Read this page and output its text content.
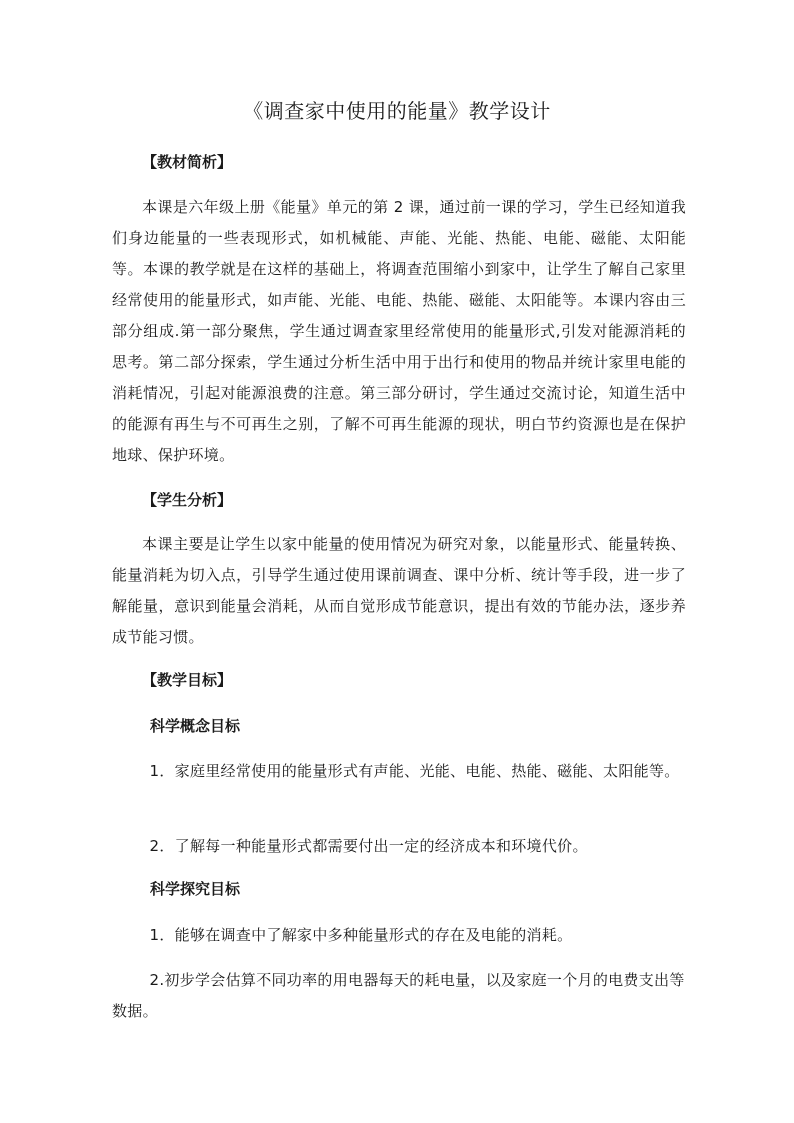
《调查家中使用的能量》教学设计
【教材简析】

本课是六年级上册《能量》单元的第 2 课，通过前一课的学习，学生已经知道我们身边能量的一些表现形式，如机械能、声能、光能、热能、电能、磁能、太阳能等。本课的教学就是在这样的基础上，将调查范围缩小到家中，让学生了解自己家里经常使用的能量形式，如声能、光能、电能、热能、磁能、太阳能等。本课内容由三部分组成.第一部分聚焦，学生通过调查家里经常使用的能量形式,引发对能源消耗的思考。第二部分探索，学生通过分析生活中用于出行和使用的物品并统计家里电能的消耗情况，引起对能源浪费的注意。第三部分研讨，学生通过交流讨论，知道生活中的能源有再生与不可再生之别，了解不可再生能源的现状，明白节约资源也是在保护地球、保护环境。

【学生分析】

本课主要是让学生以家中能量的使用情况为研究对象，以能量形式、能量转换、能量消耗为切入点，引导学生通过使用课前调查、课中分析、统计等手段，进一步了解能量，意识到能量会消耗，从而自觉形成节能意识，提出有效的节能办法，逐步养成节能习惯。

【教学目标】
科学概念目标

1．家庭里经常使用的能量形式有声能、光能、电能、热能、磁能、太阳能等。

2．了解每一种能量形式都需要付出一定的经济成本和环境代价。

科学探究目标

1．能够在调查中了解家中多种能量形式的存在及电能的消耗。

2.初步学会估算不同功率的用电器每天的耗电量，以及家庭一个月的电费支出等数据。
